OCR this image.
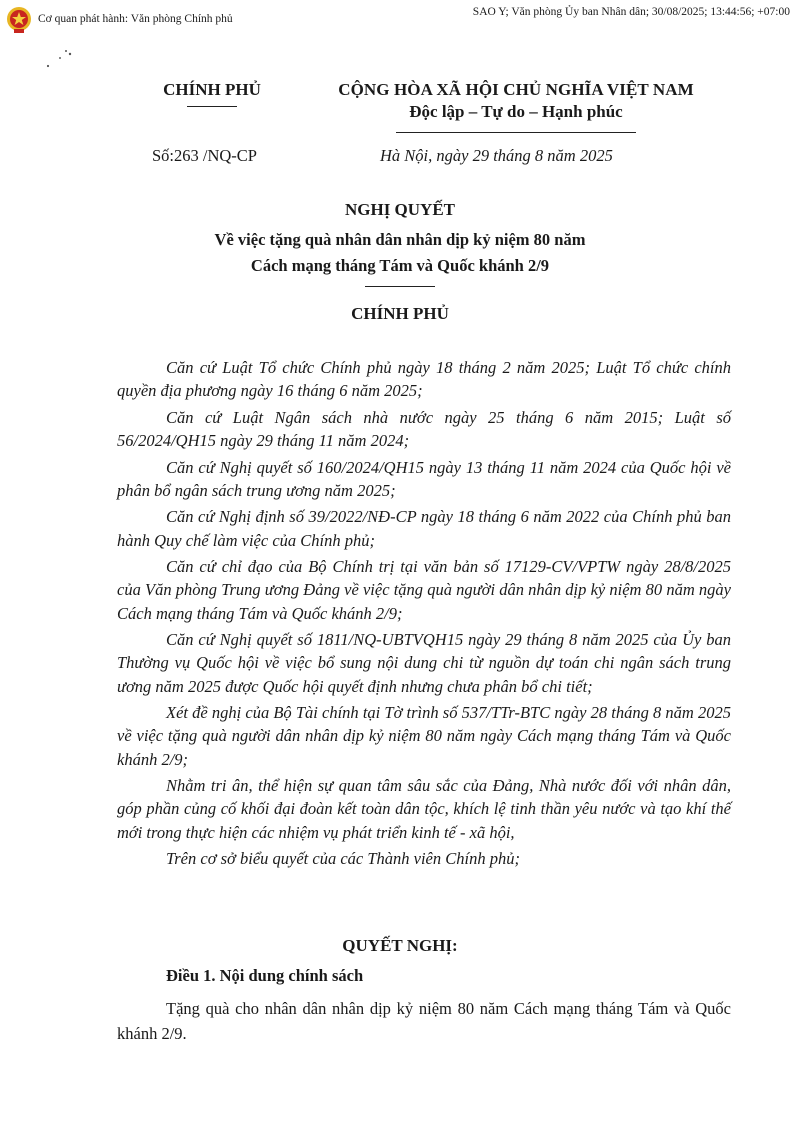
Cơ quan phát hành: Văn phòng Chính phủ
SAO Y; Văn phòng Ủy ban Nhân dân; 30/08/2025; 13:44:56; +07:00
CHÍNH PHỦ
Số:263 /NQ-CP
CỘNG HÒA XÃ HỘI CHỦ NGHĨA VIỆT NAM
Độc lập – Tự do – Hạnh phúc
Hà Nội, ngày 29 tháng 8 năm 2025
NGHỊ QUYẾT
Về việc tặng quà nhân dân nhân dịp kỷ niệm 80 năm
Cách mạng tháng Tám và Quốc khánh 2/9
CHÍNH PHỦ

Căn cứ Luật Tổ chức Chính phủ ngày 18 tháng 2 năm 2025; Luật Tổ chức chính quyền địa phương ngày 16 tháng 6 năm 2025;

Căn cứ Luật Ngân sách nhà nước ngày 25 tháng 6 năm 2015; Luật số 56/2024/QH15 ngày 29 tháng 11 năm 2024;

Căn cứ Nghị quyết số 160/2024/QH15 ngày 13 tháng 11 năm 2024 của Quốc hội về phân bổ ngân sách trung ương năm 2025;

Căn cứ Nghị định số 39/2022/NĐ-CP ngày 18 tháng 6 năm 2022 của Chính phủ ban hành Quy chế làm việc của Chính phủ;

Căn cứ chỉ đạo của Bộ Chính trị tại văn bản số 17129-CV/VPTW ngày 28/8/2025 của Văn phòng Trung ương Đảng về việc tặng quà người dân nhân dịp kỷ niệm 80 năm ngày Cách mạng tháng Tám và Quốc khánh 2/9;

Căn cứ Nghị quyết số 1811/NQ-UBTVQH15 ngày 29 tháng 8 năm 2025 của Ủy ban Thường vụ Quốc hội về việc bổ sung nội dung chi từ nguồn dự toán chi ngân sách trung ương năm 2025 được Quốc hội quyết định nhưng chưa phân bổ chi tiết;

Xét đề nghị của Bộ Tài chính tại Tờ trình số 537/TTr-BTC ngày 28 tháng 8 năm 2025 về việc tặng quà người dân nhân dịp kỷ niệm 80 năm ngày Cách mạng tháng Tám và Quốc khánh 2/9;

Nhằm tri ân, thể hiện sự quan tâm sâu sắc của Đảng, Nhà nước đối với nhân dân, góp phần củng cố khối đại đoàn kết toàn dân tộc, khích lệ tinh thần yêu nước và tạo khí thế mới trong thực hiện các nhiệm vụ phát triển kinh tế - xã hội,

Trên cơ sở biểu quyết của các Thành viên Chính phủ;

QUYẾT NGHỊ:
Điều 1. Nội dung chính sách
Tặng quà cho nhân dân nhân dịp kỷ niệm 80 năm Cách mạng tháng Tám và Quốc khánh 2/9.
